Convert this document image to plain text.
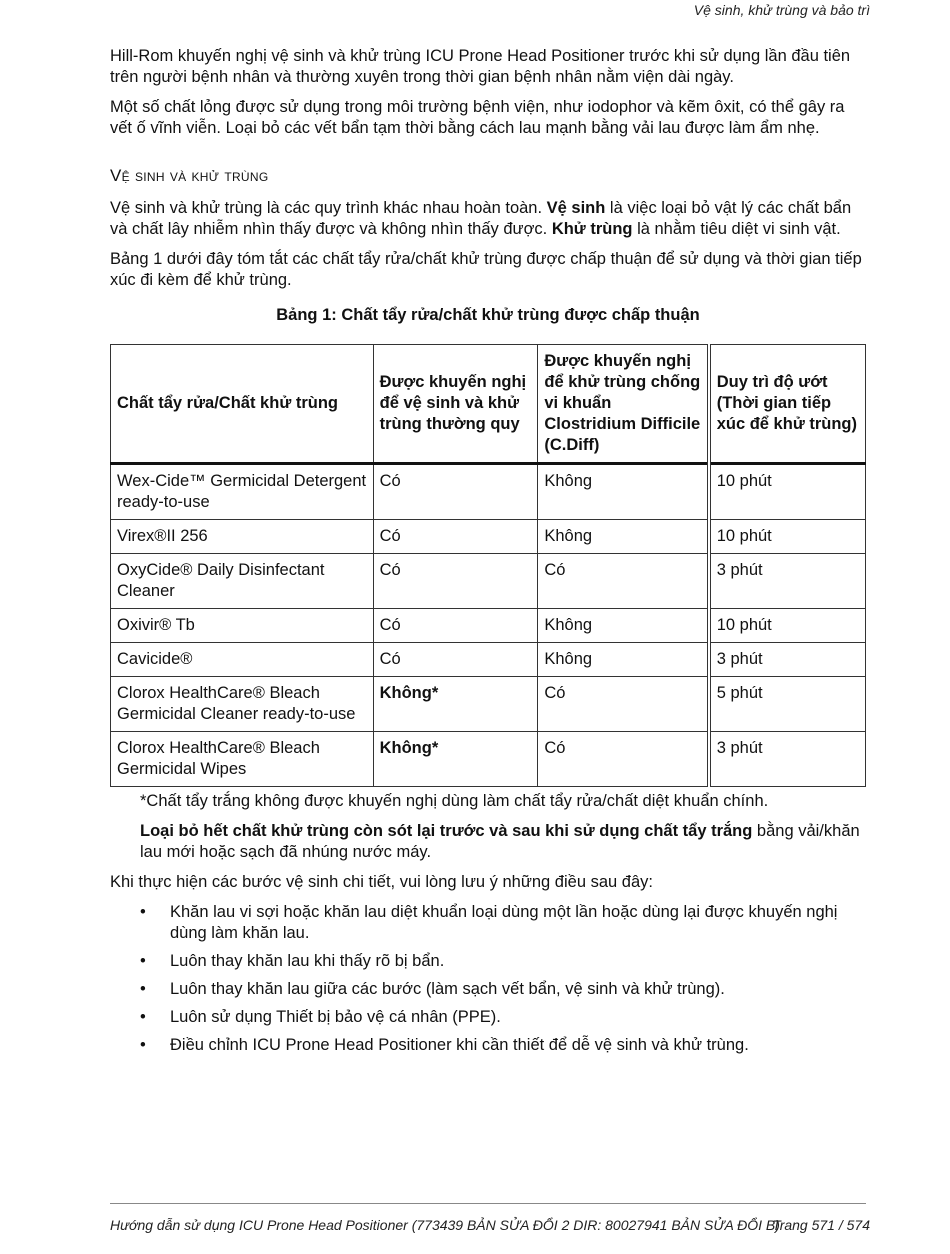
Vệ sinh, khử trùng và bảo trì

Hill-Rom khuyến nghị vệ sinh và khử trùng ICU Prone Head Positioner trước khi sử dụng lần đầu tiên trên người bệnh nhân và thường xuyên trong thời gian bệnh nhân nằm viện dài ngày.

Một số chất lỏng được sử dụng trong môi trường bệnh viện, như iodophor và kẽm ôxit, có thể gây ra vết ố vĩnh viễn. Loại bỏ các vết bẩn tạm thời bằng cách lau mạnh bằng vải lau được làm ẩm nhẹ.

Vệ sinh và khử trùng

Vệ sinh và khử trùng là các quy trình khác nhau hoàn toàn. Vệ sinh là việc loại bỏ vật lý các chất bẩn và chất lây nhiễm nhìn thấy được và không nhìn thấy được. Khử trùng là nhằm tiêu diệt vi sinh vật.

Bảng 1 dưới đây tóm tắt các chất tẩy rửa/chất khử trùng được chấp thuận để sử dụng và thời gian tiếp xúc đi kèm để khử trùng.

Bảng 1: Chất tẩy rửa/chất khử trùng được chấp thuận
Chất tẩy rửa/Chất khử trùng	Được khuyến nghị để vệ sinh và khử trùng thường quy	Được khuyến nghị để khử trùng chống vi khuẩn Clostridium Difficile (C.Diff)	Duy trì độ ướt (Thời gian tiếp xúc để khử trùng)
Wex-Cide™ Germicidal Detergent ready-to-use	Có	Không	10 phút
Virex®II 256	Có	Không	10 phút
OxyCide® Daily Disinfectant Cleaner	Có	Có	3 phút
Oxivir® Tb	Có	Không	10 phút
Cavicide®	Có	Không	3 phút
Clorox HealthCare® Bleach Germicidal Cleaner ready-to-use	Không*	Có	5 phút
Clorox HealthCare® Bleach Germicidal Wipes	Không*	Có	3 phút

*Chất tẩy trắng không được khuyến nghị dùng làm chất tẩy rửa/chất diệt khuẩn chính.

Loại bỏ hết chất khử trùng còn sót lại trước và sau khi sử dụng chất tẩy trắng bằng vải/khăn lau mới hoặc sạch đã nhúng nước máy.

Khi thực hiện các bước vệ sinh chi tiết, vui lòng lưu ý những điều sau đây:

• Khăn lau vi sợi hoặc khăn lau diệt khuẩn loại dùng một lần hoặc dùng lại được khuyến nghị dùng làm khăn lau.
• Luôn thay khăn lau khi thấy rõ bị bẩn.
• Luôn thay khăn lau giữa các bước (làm sạch vết bẩn, vệ sinh và khử trùng).
• Luôn sử dụng Thiết bị bảo vệ cá nhân (PPE).
• Điều chỉnh ICU Prone Head Positioner khi cần thiết để dễ vệ sinh và khử trùng.
Hướng dẫn sử dụng ICU Prone Head Positioner (773439 BẢN SỬA ĐỔI 2 DIR: 80027941 BẢN SỬA ĐỔI B)
Trang 571 / 574
